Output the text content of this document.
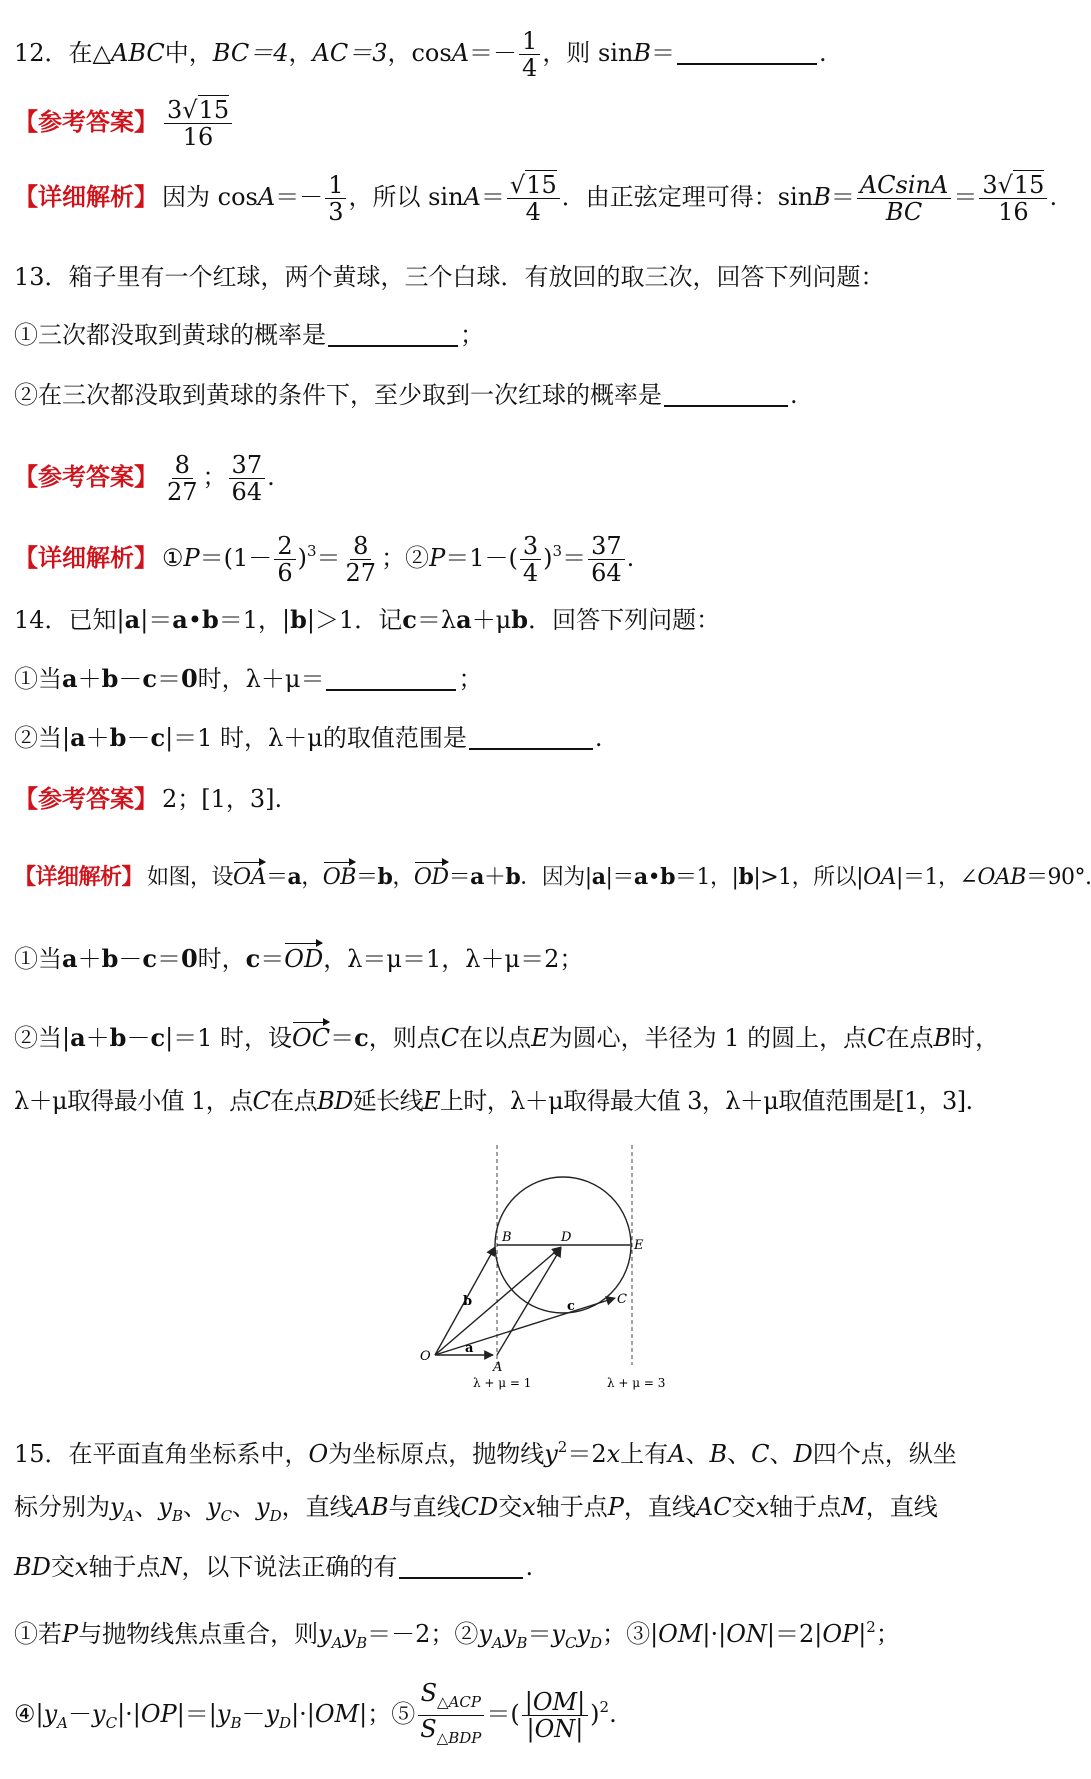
12．在△ABC中，BC＝4，AC＝3，$\cos A=- \frac{1}{4}$ ，则 sinB＝	.
【参考答案】 $\frac{3√15}{16}$
【详细解析】 因为 $\cos A=- \frac{1}{3}$ ，所以 $\sin A= \frac{√15}{4}$ ．由正弦定理可得：$\sin B= \frac{ACsinA}{BC} = \frac{3√15}{16}$ .
13．箱子里有一个红球，两个黄球，三个白球．有放回的取三次，回答下列问题：
①三次都没取到黄球的概率是	；
②在三次都没取到黄球的条件下，至少取到一次红球的概率是	.
【参考答案】 $\frac{8}{27}$ ； $\frac{37}{64}$ .
【详细解析】 ①P＝(1－ $\frac{2}{6} )^3= \frac{8}{27}$ ；②P＝1－( $\frac{3}{4} )^3= \frac{37}{64}$ .
14．已知|a|＝a•b＝1，|b|＞1．记c＝λa＋μb．回答下列问题：
①当a＋b－c＝0时，λ＋μ＝	；
②当|a＋b－c|＝1 时，λ＋μ的取值范围是	.
【参考答案】 2；[1，3].
【详细解析】 如图，设OA＝a，OB＝b，OD＝a＋b．因为|a|＝a•b＝1，|b|>1，所以|OA|＝1，∠OAB＝90°.
①当a＋b－c＝0时，c＝OD，λ＝μ＝1，λ＋μ＝2；
②当|a＋b－c|＝1 时，设OC＝c，则点C在以点E为圆心，半径为 1 的圆上，点C在点B时，
λ＋μ取得最小值 1，点C在点BD延长线E上时，λ＋μ取得最大值 3，λ＋μ取值范围是[1，3].
B	D
E
b	c	C
O
a
A
λ + μ = 1	λ + μ = 3
15．在平面直角坐标系中，O为坐标原点，抛物线$y^2=2x$上有A、B、C、D四个点，纵坐
标分别为$y_A$、$y_B$、$y_C$、$y_D$，直线AB与直线CD交x轴于点P，直线AC交x轴于点M，直线
BD交x轴于点N，以下说法正确的有	.
①若P与抛物线焦点重合，则$y_Ay_B=-2$；$②y_Ay_B=y_Cy_D$；$③|OM|\cdot|ON|=2|OP|^2$；
$④|y_A-y_C|\cdot|OP|=|y_B-y_D|\cdot|OM|$；⑤ $\frac{S_{\triangle ACP}}{S_{\triangle BDP}}$ ＝( $\frac{|OM|}{|ON|} )^2$.
